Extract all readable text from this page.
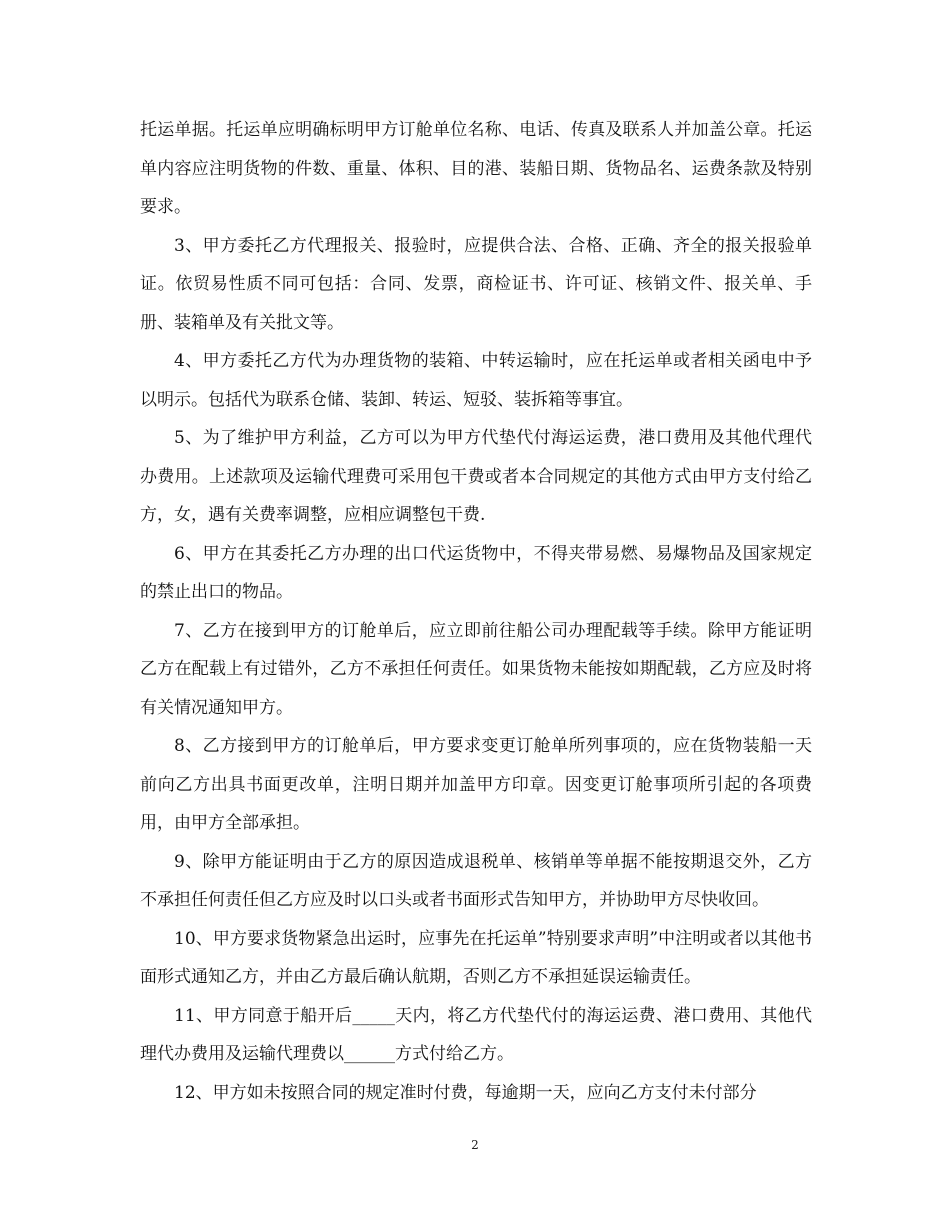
托运单据。托运单应明确标明甲方订舱单位名称、电话、传真及联系人并加盖公章。托运单内容应注明货物的件数、重量、体积、目的港、装船日期、货物品名、运费条款及特别要求。

3、甲方委托乙方代理报关、报验时，应提供合法、合格、正确、齐全的报关报验单证。依贸易性质不同可包括：合同、发票，商检证书、许可证、核销文件、报关单、手册、装箱单及有关批文等。

4、甲方委托乙方代为办理货物的装箱、中转运输时，应在托运单或者相关函电中予以明示。包括代为联系仓储、装卸、转运、短驳、装拆箱等事宜。

5、为了维护甲方利益，乙方可以为甲方代垫代付海运运费，港口费用及其他代理代办费用。上述款项及运输代理费可采用包干费或者本合同规定的其他方式由甲方支付给乙方，女，遇有关费率调整，应相应调整包干费.

6、甲方在其委托乙方办理的出口代运货物中，不得夹带易燃、易爆物品及国家规定的禁止出口的物品。

7、乙方在接到甲方的订舱单后，应立即前往船公司办理配载等手续。除甲方能证明乙方在配载上有过错外，乙方不承担任何责任。如果货物未能按如期配载，乙方应及时将有关情况通知甲方。

8、乙方接到甲方的订舱单后，甲方要求变更订舱单所列事项的，应在货物装船一天前向乙方出具书面更改单，注明日期并加盖甲方印章。因变更订舱事项所引起的各项费用，由甲方全部承担。

9、除甲方能证明由于乙方的原因造成退税单、核销单等单据不能按期退交外，乙方不承担任何责任但乙方应及时以口头或者书面形式告知甲方，并协助甲方尽快收回。

10、甲方要求货物紧急出运时，应事先在托运单”特别要求声明”中注明或者以其他书面形式通知乙方，并由乙方最后确认航期，否则乙方不承担延误运输责任。

11、甲方同意于船开后_____天内，将乙方代垫代付的海运运费、港口费用、其他代理代办费用及运输代理费以______方式付给乙方。

12、甲方如未按照合同的规定准时付费，每逾期一天，应向乙方支付未付部分

2
